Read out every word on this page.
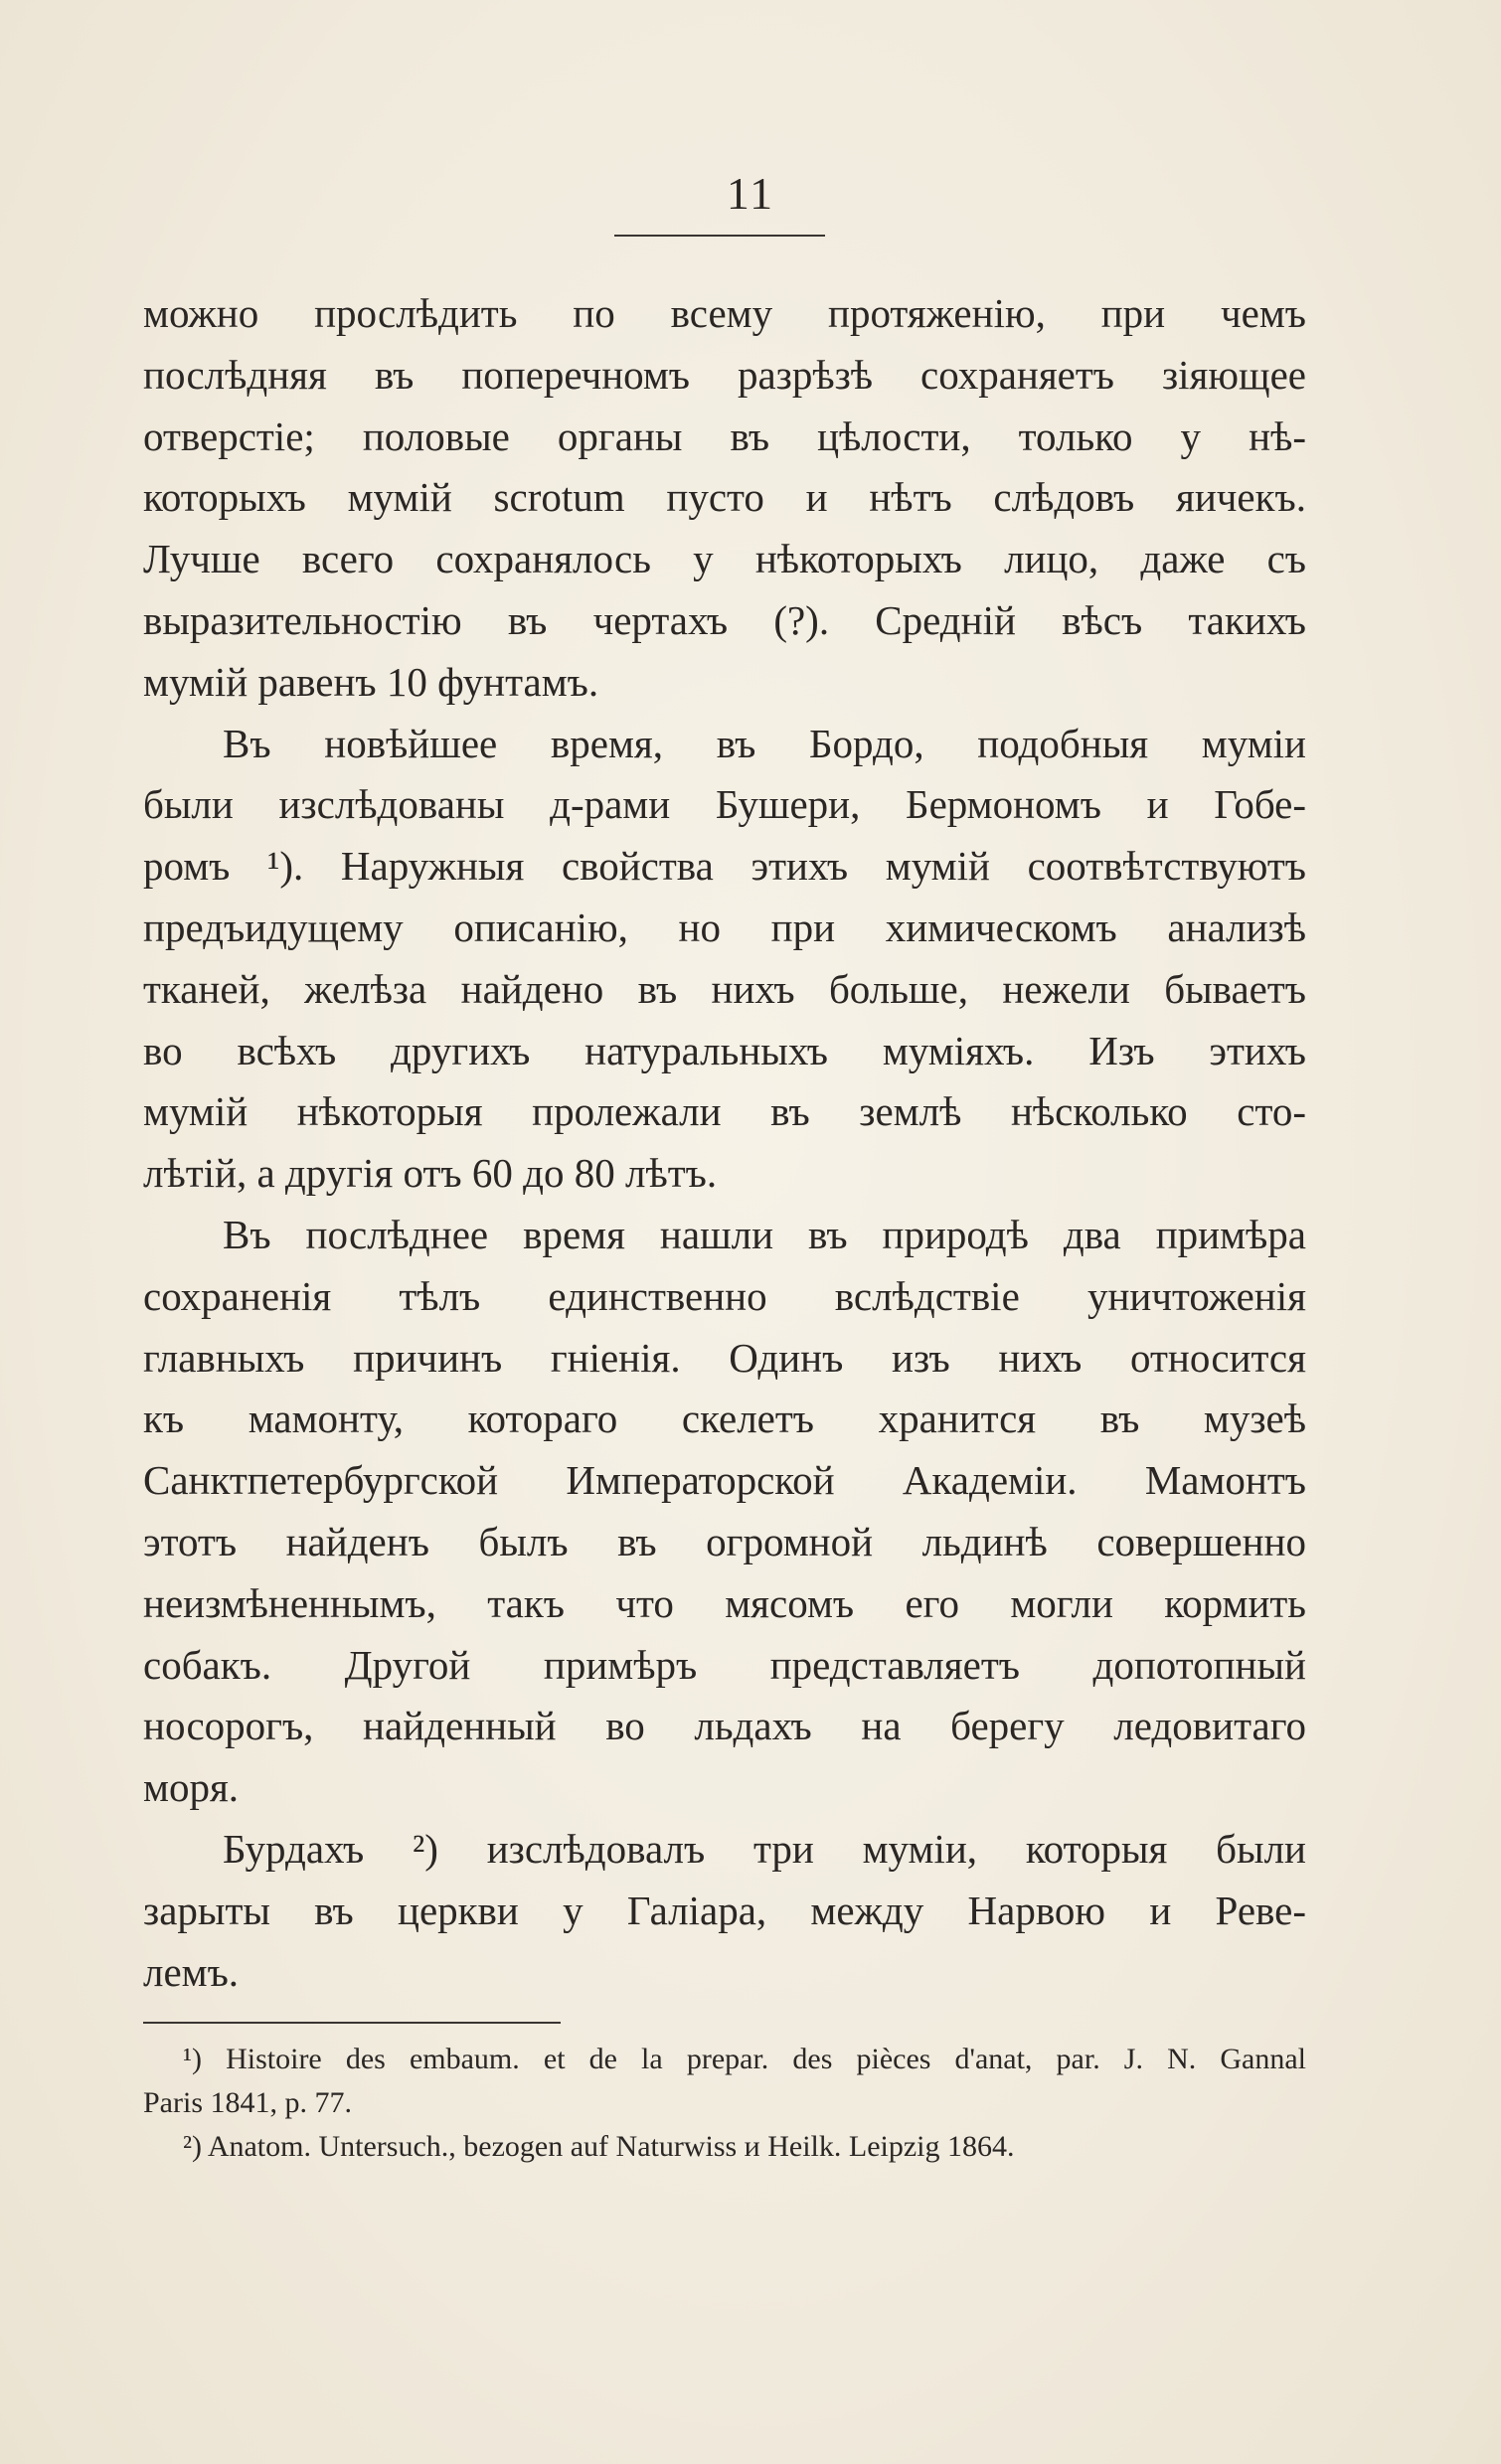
11
можно прослѣдить по всему протяженію, при чемъ
послѣдняя въ поперечномъ разрѣзѣ сохраняетъ зіяющее
отверстіе; половые органы въ цѣлости, только у нѣ-
которыхъ мумій scrotum пусто и нѣтъ слѣдовъ яичекъ.
Лучше всего сохранялось у нѣкоторыхъ лицо, даже съ
выразительностію въ чертахъ (?). Средній вѣсъ такихъ
мумій равенъ 10 фунтамъ.
Въ новѣйшее время, въ Бордо, подобныя муміи
были изслѣдованы д-рами Бушери, Бермономъ и Гобе-
ромъ ¹). Наружныя свойства этихъ мумій соотвѣтствуютъ
предъидущему описанію, но при химическомъ анализѣ
тканей, желѣза найдено въ нихъ больше, нежели бываетъ
во всѣхъ другихъ натуральныхъ муміяхъ. Изъ этихъ
мумій нѣкоторыя пролежали въ землѣ нѣсколько сто-
лѣтій, а другія отъ 60 до 80 лѣтъ.
Въ послѣднее время нашли въ природѣ два примѣра
сохраненія тѣлъ единственно вслѣдствіе уничтоженія
главныхъ причинъ гніенія. Одинъ изъ нихъ относится
къ мамонту, котораго скелетъ хранится въ музеѣ
Санктпетербургской Императорской Академіи. Мамонтъ
этотъ найденъ былъ въ огромной льдинѣ совершенно
неизмѣненнымъ, такъ что мясомъ его могли кормить
собакъ. Другой примѣръ представляетъ допотопный
носорогъ, найденный во льдахъ на берегу ледовитаго
моря.
Бурдахъ ²) изслѣдовалъ три муміи, которыя были
зарыты въ церкви у Галіара, между Нарвою и Реве-
лемъ.
¹) Histoire des embaum. et de la prepar. des pièces d'anat, par. J. N. Gannal
Paris 1841, p. 77.
²) Anatom. Untersuch., bezogen auf Naturwiss и Heilk. Leipzig 1864.
